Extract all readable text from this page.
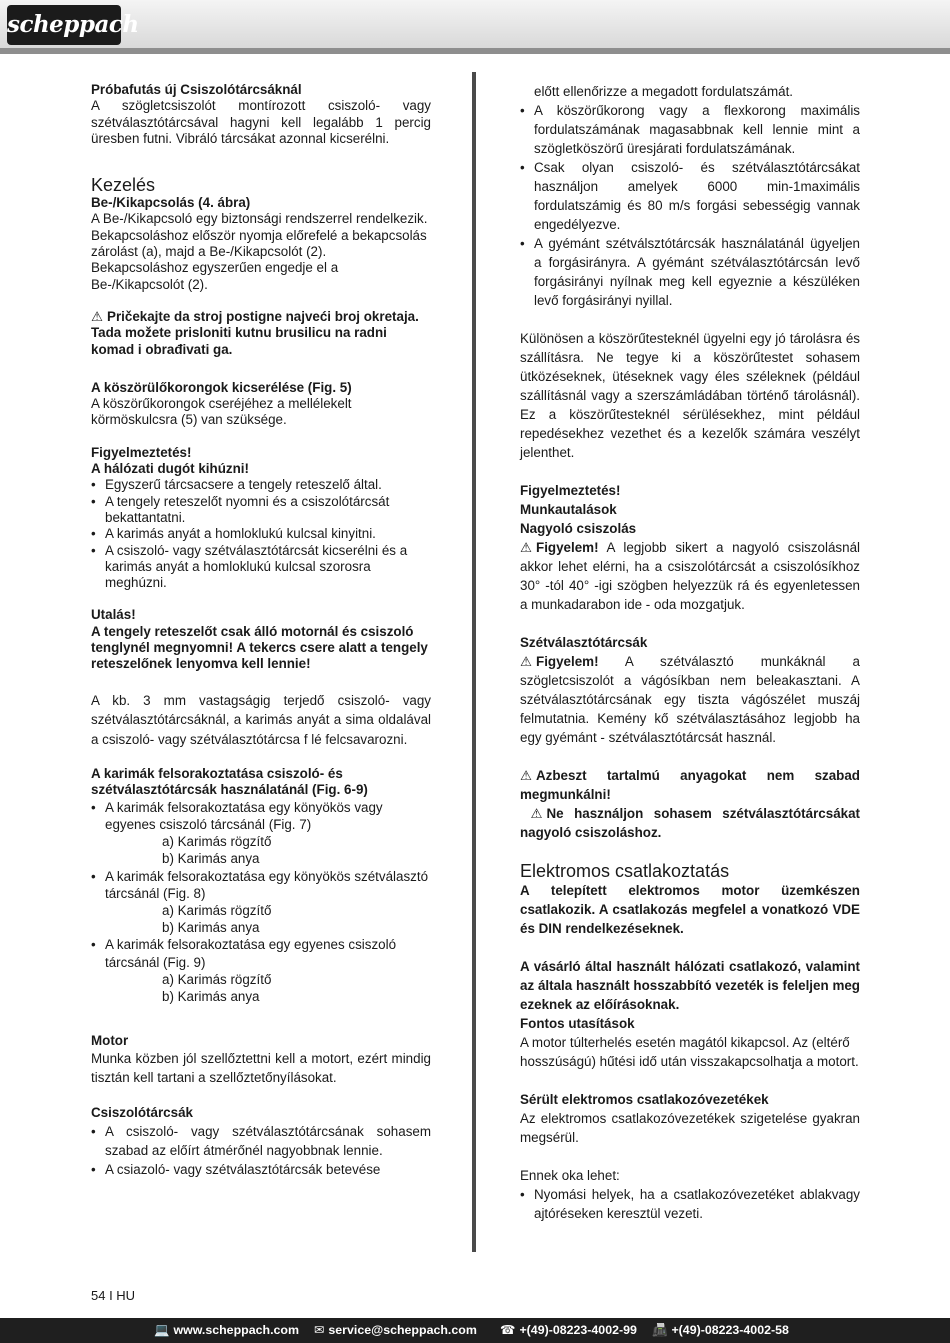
scheppach

Próbafutás új Csiszolótárcsáknál

A szögletcsiszolót montírozott csiszoló- vagy szétválasztótárcsával hagyni kell legalább 1 percig üresben futni. Vibráló tárcsákat azonnal kicserélni.

Kezelés

Be-/Kikapcsolás (4. ábra)

A Be-/Kikapcsoló egy biztonsági rendszerrel rendelkezik.

Bekapcsoláshoz először nyomja előrefelé a bekapcsolás zárolást (a), majd a Be-/Kikapcsolót (2).

Bekapcsoláshoz egyszerűen engedje el a Be-/Kikapcsolót (2).

⚠ Pričekajte da stroj postigne najveći broj okretaja. Tada možete prisloniti kutnu brusilicu na radni komad i obrađivati ga.

A köszörülőkorongok kicserélése (Fig. 5)

A köszörűkorongok cseréjéhez a mellélekelt körmöskulcsra (5) van szüksége.

Figyelmeztetés!

A hálózati dugót kihúzni!

• Egyszerű tárcsacsere a tengely reteszelő által.
• A tengely reteszelőt nyomni és a csiszolótárcsát bekattantatni.
• A karimás anyát a homloklukú kulcsal kinyitni.
• A csiszoló- vagy szétválasztótárcsát kicserélni és a karimás anyát a homloklukú kulcsal szorosra meghúzni.

Utalás!

A tengely reteszelőt csak álló motornál és csiszoló tenglynél megnyomni! A tekercs csere alatt a tengely reteszelőnek lenyomva kell lennie!

A kb. 3 mm vastagságig terjedő csiszoló- vagy szétválasztótárcsáknál, a karimás anyát a sima oldalával a csiszoló- vagy szétválasztótárcsa f lé felcsavarozni.

A karimák felsorakoztatása csiszoló- és szétválasztótárcsák használatánál (Fig. 6-9)

• A karimák felsorakoztatása egy könyökös vagy egyenes csiszoló tárcsánál (Fig. 7)
a) Karimás rögzítő
b) Karimás anya
• A karimák felsorakoztatása egy könyökös szétválasztó tárcsánál (Fig. 8)
a) Karimás rögzítő
b) Karimás anya
• A karimák felsorakoztatása egy egyenes csiszoló tárcsánál (Fig. 9)
a) Karimás rögzítő
b) Karimás anya

Motor

Munka közben jól szellőztettni kell a motort, ezért mindig tisztán kell tartani a szellőztetőnyílásokat.

Csiszolótárcsák

• A csiszoló- vagy szétválasztótárcsának sohasem szabad az előírt átmérőnél nagyobbnak lennie.
• A csiazoló- vagy szétválasztótárcsák betevése

előtt ellenőrizze a megadott fordulatszámát.

• A köszörűkorong vagy a flexkorong maximális fordulatszámának magasabbnak kell lennie mint a szögletköszörű üresjárati fordulatszámának.
• Csak olyan csiszoló- és szétválasztótárcsákat használjon amelyek 6000 min-1maximális fordulatszámig és 80 m/s forgási sebességig vannak engedélyezve.
• A gyémánt szétválsztótárcsák használatánál ügyeljen a forgásirányra. A gyémánt szétválasztótárcsán levő forgásirányi nyílnak meg kell egyeznie a készüléken levő forgásirányi nyillal.

Különösen a köszörűtesteknél ügyelni egy jó tárolásra és szállításra. Ne tegye ki a köszörűtestet sohasem ütközéseknek, ütéseknek vagy éles széleknek (például szállításnál vagy a szerszámládában történő tárolásnál). Ez a köszörűtesteknél sérülésekhez, mint például repedésekhez vezethet és a kezelők számára veszélyt jelenthet.

Figyelmeztetés!

Munkautalások

Nagyoló csiszolás

⚠ Figyelem! A legjobb sikert a nagyoló csiszolásnál akkor lehet elérni, ha a csiszolótárcsát a csiszolósíkhoz 30° -tól 40° -igi szögben helyezzük rá és egyenletessen a munkadarabon ide - oda mozgatjuk.

Szétválasztótárcsák

⚠ Figyelem! A szétválasztó munkáknál a szögletcsiszolót a vágósíkban nem beleakasztani. A szétválasztótárcsának egy tiszta vágószélet muszáj felmutatnia. Kemény kő szétválasztásához legjobb ha egy gyémánt - szétválasztótárcsát használ.

⚠ Azbeszt tartalmú anyagokat nem szabad megmunkálni!

⚠ Ne használjon sohasem szétválasztótárcsákat nagyoló csiszoláshoz.

Elektromos csatlakoztatás

A telepített elektromos motor üzemkészen csatlakozik. A csatlakozás megfelel a vonatkozó VDE és DIN rendelkezéseknek.

A vásárló által használt hálózati csatlakozó, valamint az általa használt hosszabbító vezeték is feleljen meg ezeknek az előírásoknak.

Fontos utasítások

A motor túlterhelés esetén magától kikapcsol. Az (eltérő hosszúságú) hűtési idő után visszakapcsolhatja a motort.

Sérült elektromos csatlakozóvezetékek

Az elektromos csatlakozóvezetékek szigetelése gyakran megsérül.

Ennek oka lehet:

• Nyomási helyek, ha a csatlakozóvezetéket ablakvagy ajtóréseken keresztül vezeti.
54 I HU
💻 www.scheppach.com ✉ service@scheppach.com ☎ +(49)-08223-4002-99 📠 +(49)-08223-4002-58
